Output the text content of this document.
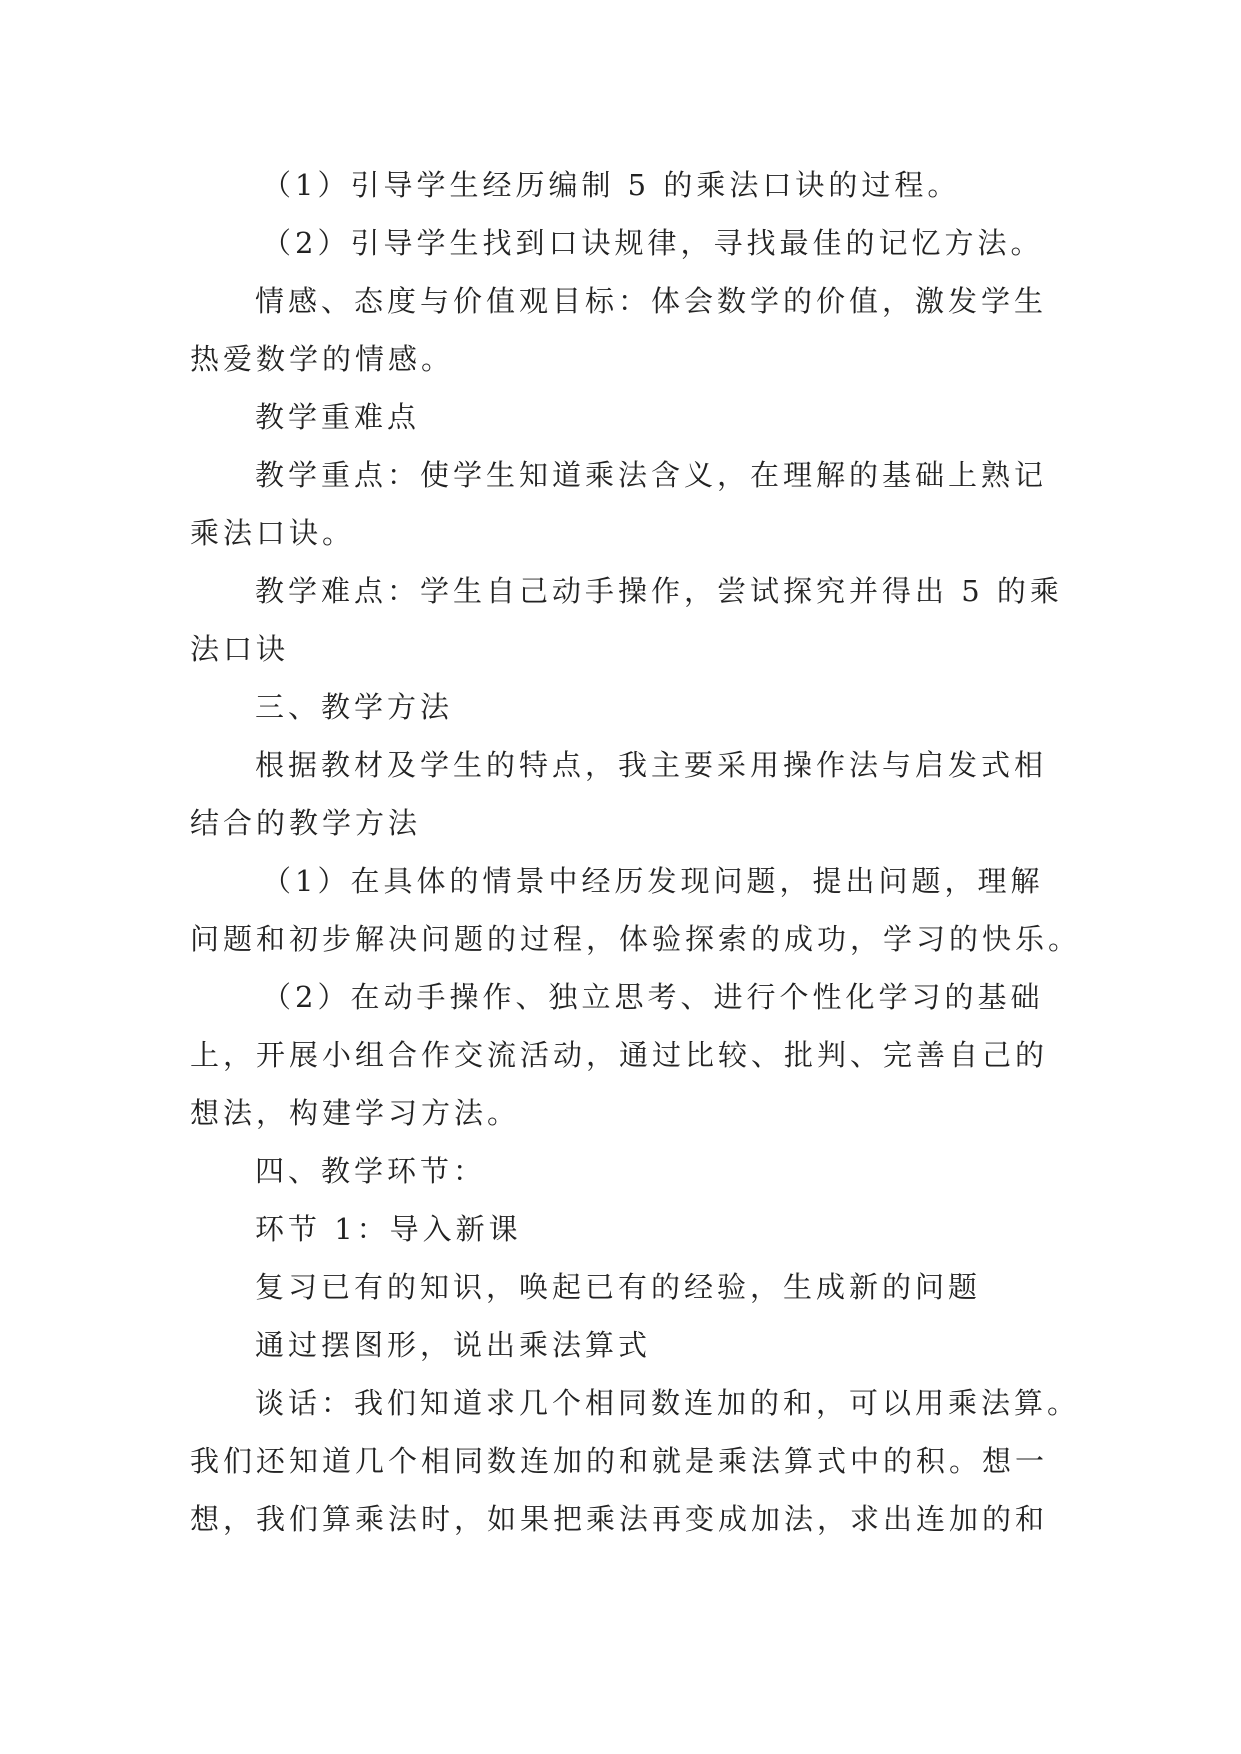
（1）引导学生经历编制 5 的乘法口诀的过程。
（2）引导学生找到口诀规律，寻找最佳的记忆方法。
情感、态度与价值观目标：体会数学的价值，激发学生
热爱数学的情感。
教学重难点
教学重点：使学生知道乘法含义，在理解的基础上熟记
乘法口诀。
教学难点：学生自己动手操作，尝试探究并得出 5 的乘
法口诀
三、教学方法
根据教材及学生的特点，我主要采用操作法与启发式相
结合的教学方法
（1）在具体的情景中经历发现问题，提出问题，理解
问题和初步解决问题的过程，体验探索的成功，学习的快乐。
（2）在动手操作、独立思考、进行个性化学习的基础
上，开展小组合作交流活动，通过比较、批判、完善自己的
想法，构建学习方法。
四、教学环节：
环节 1：导入新课
复习已有的知识，唤起已有的经验，生成新的问题
通过摆图形，说出乘法算式
谈话：我们知道求几个相同数连加的和，可以用乘法算。
我们还知道几个相同数连加的和就是乘法算式中的积。想一
想，我们算乘法时，如果把乘法再变成加法，求出连加的和
